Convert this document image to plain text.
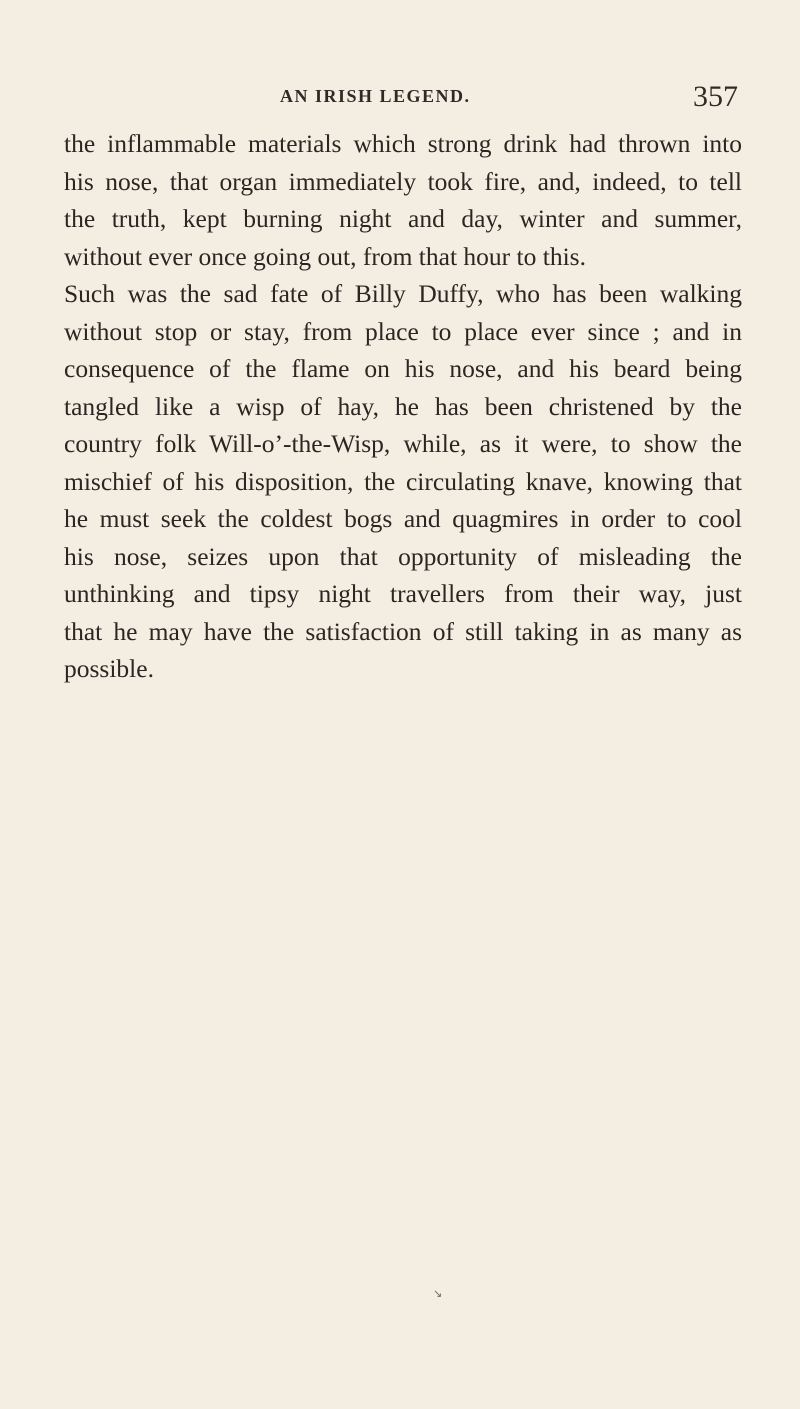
AN IRISH LEGEND.	357
the inflammable materials which strong drink had thrown into
his nose, that organ immediately took fire, and, indeed, to tell
the truth, kept burning night and day, winter and summer,
without ever once going out, from that hour to this.
Such was the sad fate of Billy Duffy, who has been walking
without stop or stay, from place to place ever since ; and in
consequence of the flame on his nose, and his beard being
tangled like a wisp of hay, he has been christened by the
country folk Will-o’-the-Wisp, while, as it were, to show the
mischief of his disposition, the circulating knave, knowing that
he must seek the coldest bogs and quagmires in order to cool
his nose, seizes upon that opportunity of misleading the
unthinking and tipsy night travellers from their way, just
that he may have the satisfaction of still taking in as many as
possible.
↘
